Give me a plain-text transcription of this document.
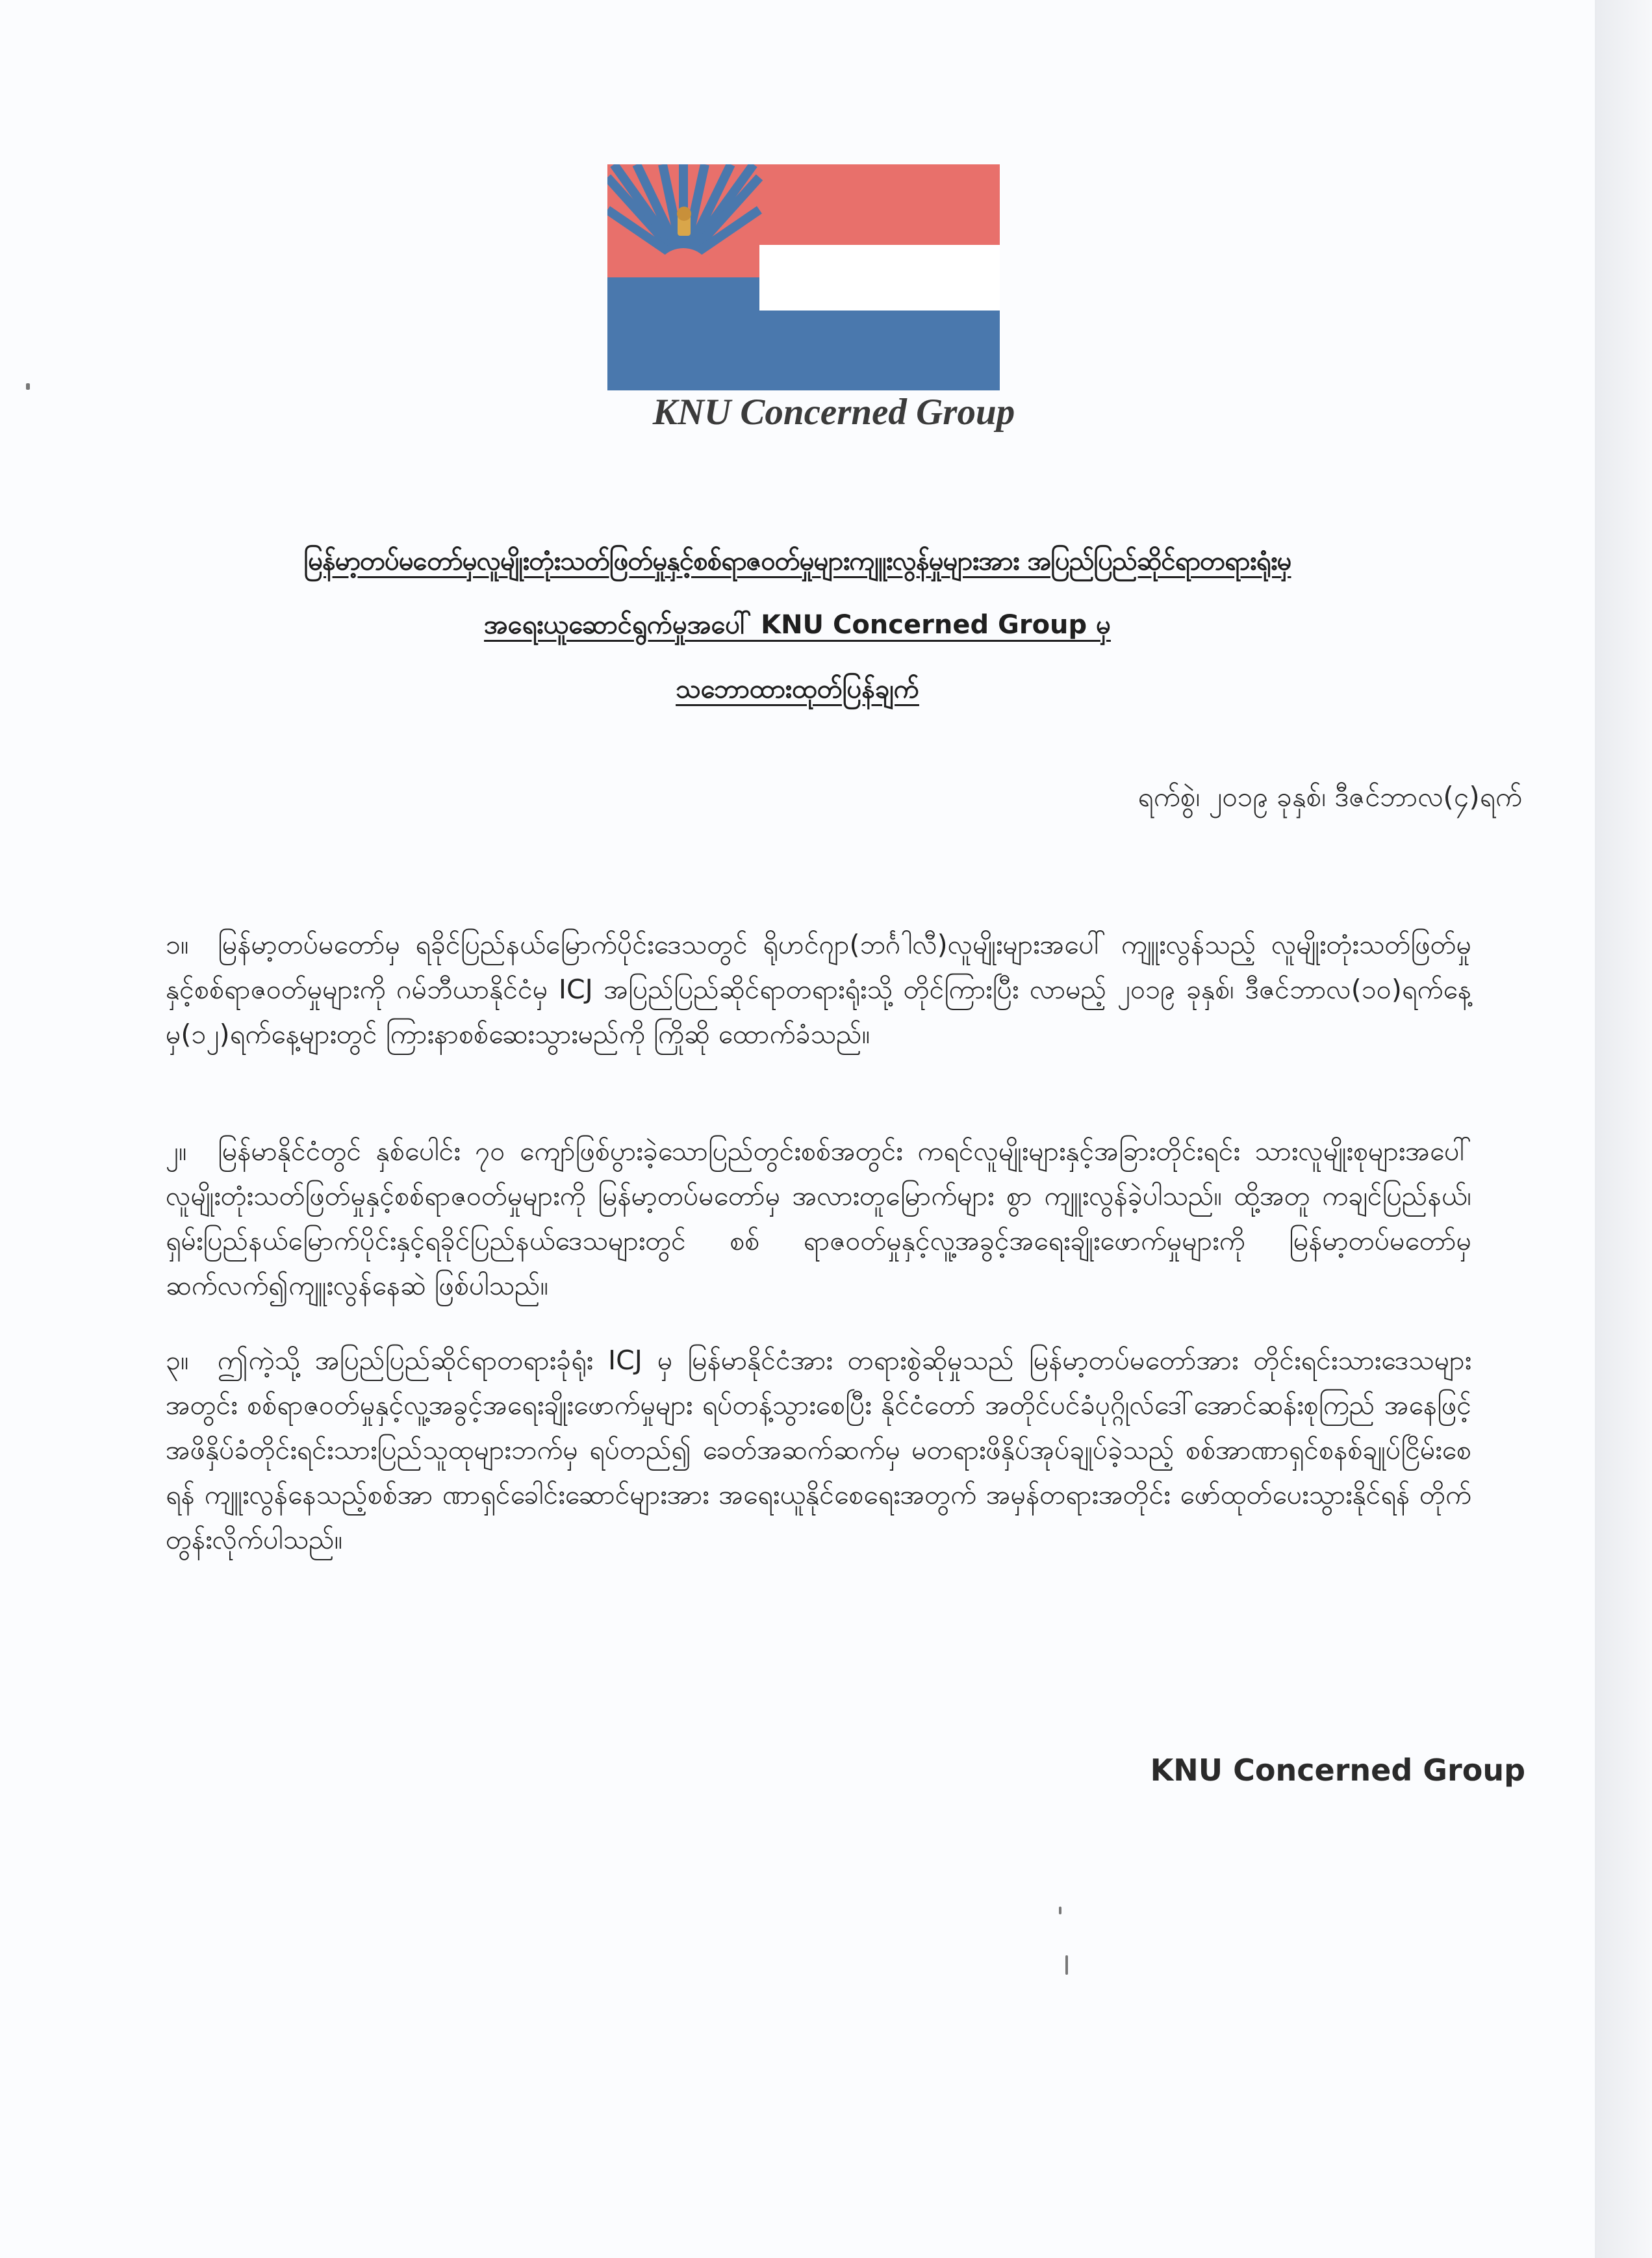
KNU Concerned Group
မြန်မာ့တပ်မတော်မှလူမျိုးတုံးသတ်ဖြတ်မှုနှင့်စစ်ရာဇဝတ်မှုများကျူးလွန်မှုများအား အပြည်ပြည်ဆိုင်ရာတရားရုံးမှ
အရေးယူဆောင်ရွက်မှုအပေါ် KNU Concerned Group မှ
သဘောထားထုတ်ပြန်ချက်
ရက်စွဲ၊ ၂၀၁၉ ခုနှစ်၊ ဒီဇင်ဘာလ(၄)ရက်
၁။ မြန်မာ့တပ်မတော်မှ ရခိုင်ပြည်နယ်မြောက်ပိုင်းဒေသတွင် ရိုဟင်ဂျာ(ဘင်္ဂါလီ)လူမျိုးများအပေါ် ကျူးလွန်သည့် လူမျိုးတုံးသတ်ဖြတ်မှုနှင့်စစ်ရာဇဝတ်မှုများကို ဂမ်ဘီယာနိုင်ငံမှ ICJ အပြည်ပြည်ဆိုင်ရာတရားရုံးသို့ တိုင်ကြားပြီး လာမည့် ၂၀၁၉ ခုနှစ်၊ ဒီဇင်ဘာလ(၁၀)ရက်နေ့မှ(၁၂)ရက်နေ့များတွင် ကြားနာစစ်ဆေးသွားမည်ကို ကြိုဆို ထောက်ခံသည်။
၂။ မြန်မာနိုင်ငံတွင် နှစ်ပေါင်း ၇၀ ကျော်ဖြစ်ပွားခဲ့သောပြည်တွင်းစစ်အတွင်း ကရင်လူမျိုးများနှင့်အခြားတိုင်းရင်း သားလူမျိုးစုများအပေါ် လူမျိုးတုံးသတ်ဖြတ်မှုနှင့်စစ်ရာဇဝတ်မှုများကို မြန်မာ့တပ်မတော်မှ အလားတူမြောက်များ စွာ ကျူးလွန်ခဲ့ပါသည်။ ထို့အတူ ကချင်ပြည်နယ်၊ ရှမ်းပြည်နယ်မြောက်ပိုင်းနှင့်ရခိုင်ပြည်နယ်ဒေသများတွင် စစ် ရာဇဝတ်မှုနှင့်လူ့အခွင့်အရေးချိုးဖောက်မှုများကို မြန်မာ့တပ်မတော်မှ ဆက်လက်၍ကျူးလွန်နေဆဲ ဖြစ်ပါသည်။
၃။ ဤကဲ့သို့ အပြည်ပြည်ဆိုင်ရာတရားခုံရုံး ICJ မှ မြန်မာနိုင်ငံအား တရားစွဲဆိုမှုသည် မြန်မာ့တပ်မတော်အား တိုင်းရင်းသားဒေသများအတွင်း စစ်ရာဇဝတ်မှုနှင့်လူ့အခွင့်အရေးချိုးဖောက်မှုများ ရပ်တန့်သွားစေပြီး နိုင်ငံတော် အတိုင်ပင်ခံပုဂ္ဂိုလ်ဒေါ်အောင်ဆန်းစုကြည် အနေဖြင့် အဖိနှိပ်ခံတိုင်းရင်းသားပြည်သူထုများဘက်မှ ရပ်တည်၍ ခေတ်အဆက်ဆက်မှ မတရားဖိနှိပ်အုပ်ချုပ်ခဲ့သည့် စစ်အာဏာရှင်စနစ်ချုပ်ငြိမ်းစေရန် ကျူးလွန်နေသည့်စစ်အာ ဏာရှင်ခေါင်းဆောင်များအား အရေးယူနိုင်စေရေးအတွက် အမှန်တရားအတိုင်း ဖော်ထုတ်ပေးသွားနိုင်ရန် တိုက် တွန်းလိုက်ပါသည်။
KNU Concerned Group
